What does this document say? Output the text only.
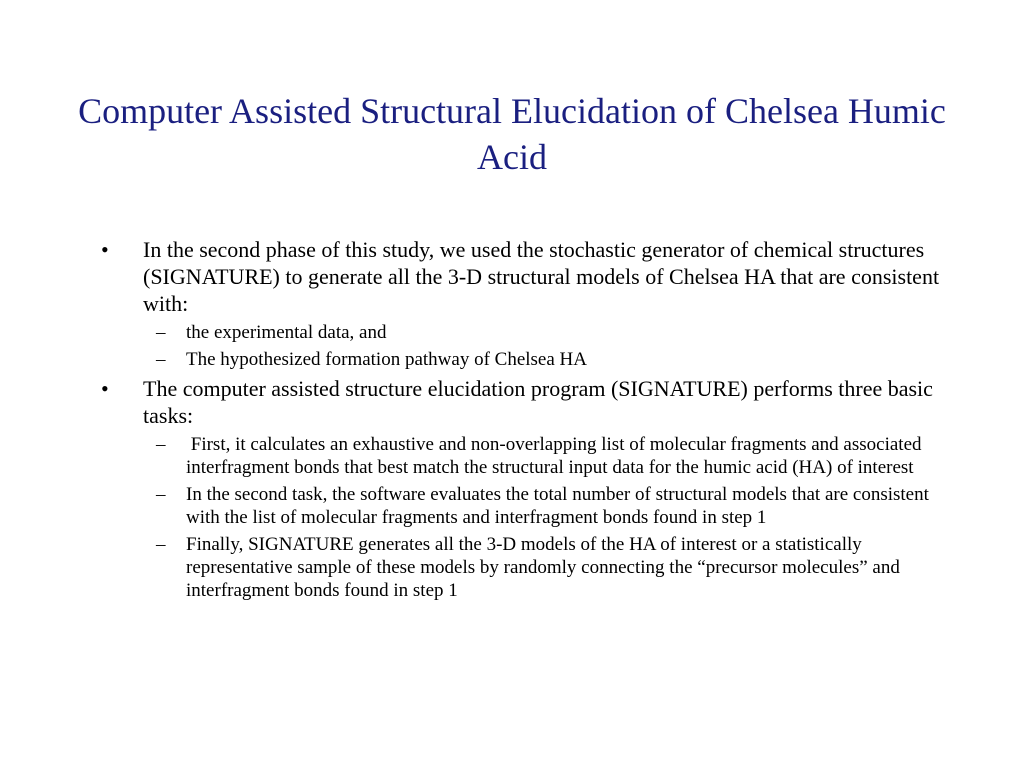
Computer Assisted Structural Elucidation of Chelsea Humic Acid
• In the second phase of this study, we used the stochastic generator of chemical structures (SIGNATURE) to generate all the 3-D structural models of Chelsea HA that are consistent with:
– the experimental data, and
– The hypothesized formation pathway of Chelsea HA
• The computer assisted structure elucidation program (SIGNATURE) performs three basic tasks:
– First, it calculates an exhaustive and non-overlapping list of molecular fragments and associated interfragment bonds that best match the structural input data for the humic acid (HA) of interest
– In the second task, the software evaluates the total number of structural models that are consistent with the list of molecular fragments and interfragment bonds found in step 1
– Finally, SIGNATURE generates all the 3-D models of the HA of interest or a statistically representative sample of these models by randomly connecting the “precursor molecules” and interfragment bonds found in step 1
